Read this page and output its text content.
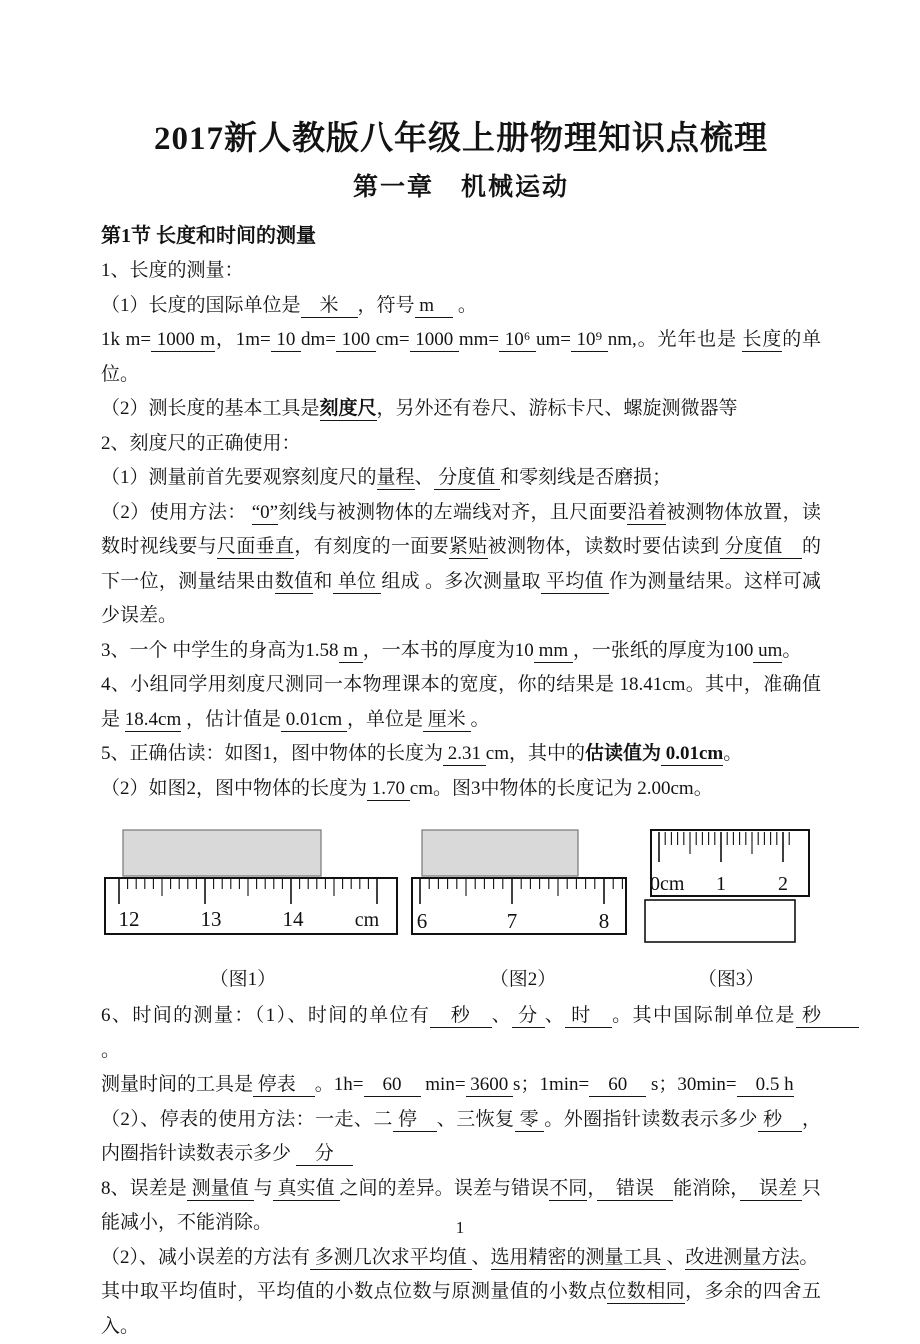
2017新人教版八年级上册物理知识点梳理
第一章　机械运动
第1节 长度和时间的测量

1、长度的测量：

（1）长度的国际单位是　米　，符号 m　 。

1k m= 1000 m，1m= 10 dm= 100 cm= 1000 mm= 10⁶ um= 10⁹ nm,。光年也是 长度的单位。

（2）测长度的基本工具是刻度尺，另外还有卷尺、游标卡尺、螺旋测微器等

2、刻度尺的正确使用：

（1）测量前首先要观察刻度尺的量程、 分度值 和零刻线是否磨损；

（2）使用方法： “0”刻线与被测物体的左端线对齐，且尺面要沿着被测物体放置，读数时视线要与尺面垂直，有刻度的一面要紧贴被测物体，读数时要估读到 分度值　的下一位，测量结果由数值和 单位 组成 。多次测量取 平均值 作为测量结果。这样可减少误差。

3、一个 中学生的身高为1.58 m ，一本书的厚度为10 mm ，一张纸的厚度为100 um。

4、小组同学用刻度尺测同一本物理课本的宽度，你的结果是 18.41cm。其中，准确值是 18.4cm ，估计值是 0.01cm ，单位是 厘米 。

5、正确估读：如图1，图中物体的长度为 2.31 cm，其中的估读值为 0.01cm。

（2）如图2，图中物体的长度为 1.70 cm。图3中物体的长度记为 2.00cm。

12	13	14	cm 6	7	8
0cm 1	2
（图1）	（图2）	（图3）

6、时间的测量：（1）、时间的单位有　秒　、 分 、 时　。其中国际制单位是 秒　　。

测量时间的工具是 停表　。1h=　60　 min= 3600 s；1min=　60　 s；30min=　0.5 h

（2）、停表的使用方法：一走、二 停　、三恢复 零 。外圈指针读数表示多少 秒　，内圈指针读数表示多少 　分　

8、误差是 测量值 与 真实值 之间的差异。误差与错误不同，　错误　能消除，　误差 只能减小，不能消除。

（2）、减小误差的方法有 多测几次求平均值 、选用精密的测量工具 、改进测量方法。

其中取平均值时，平均值的小数点位数与原测量值的小数点位数相同，多余的四舍五入。

1
